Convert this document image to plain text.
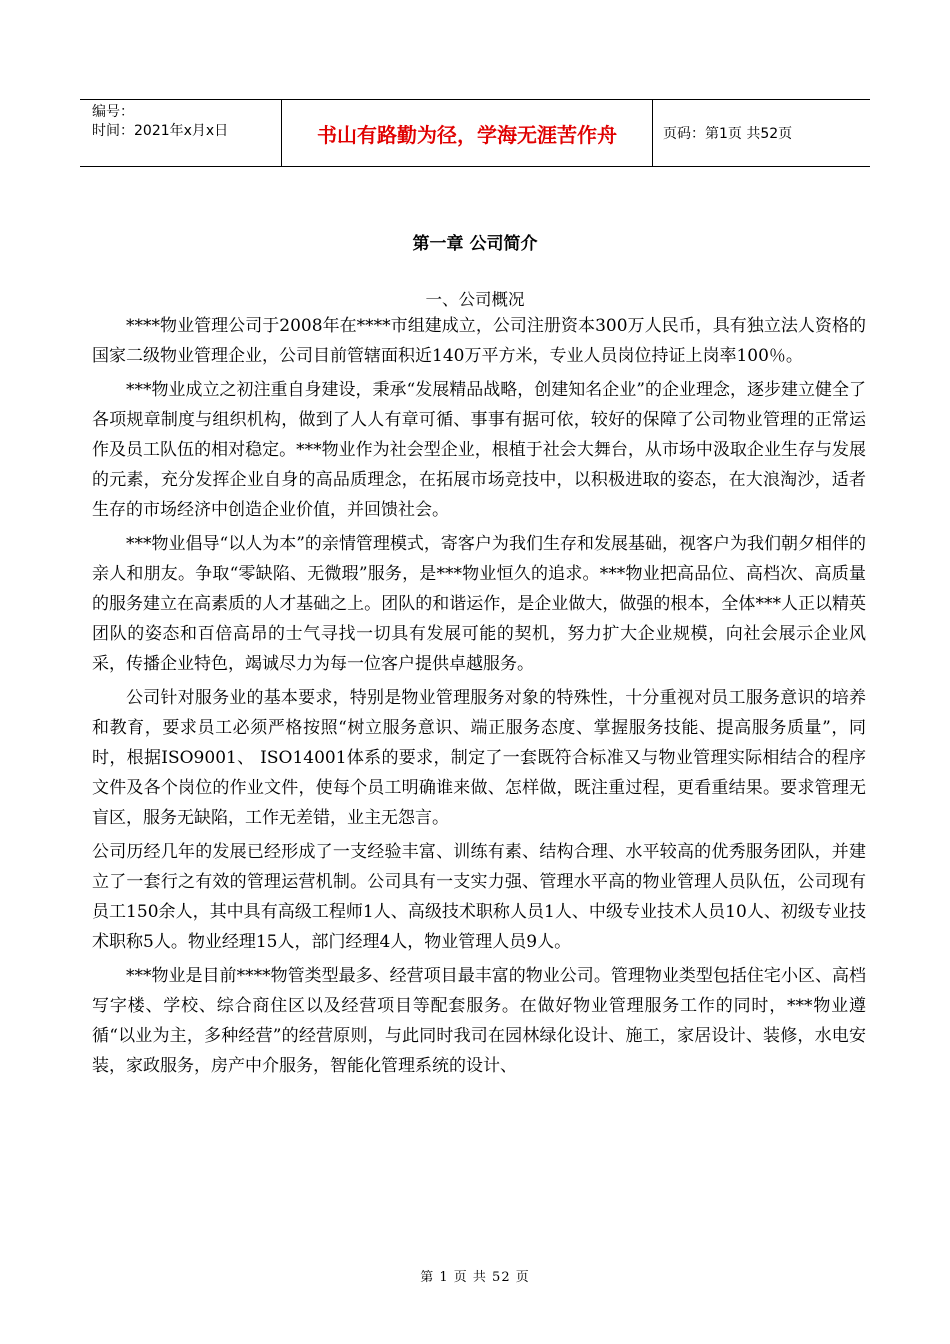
编号：
时间：2021年x月x日	书山有路勤为径，学海无涯苦作舟	页码：第1页 共52页
第一章 公司简介
一、公司概况

****物业管理公司于2008年在****市组建成立，公司注册资本300万人民币，具有独立法人资格的国家二级物业管理企业，公司目前管辖面积近140万平方米，专业人员岗位持证上岗率100％。

***物业成立之初注重自身建设，秉承“发展精品战略，创建知名企业”的企业理念，逐步建立健全了各项规章制度与组织机构，做到了人人有章可循、事事有据可依，较好的保障了公司物业管理的正常运作及员工队伍的相对稳定。***物业作为社会型企业，根植于社会大舞台，从市场中汲取企业生存与发展的元素，充分发挥企业自身的高品质理念，在拓展市场竞技中，以积极进取的姿态，在大浪淘沙，适者生存的市场经济中创造企业价值，并回馈社会。

***物业倡导“以人为本”的亲情管理模式，寄客户为我们生存和发展基础，视客户为我们朝夕相伴的亲人和朋友。争取“零缺陷、无微瑕”服务，是***物业恒久的追求。***物业把高品位、高档次、高质量的服务建立在高素质的人才基础之上。团队的和谐运作，是企业做大，做强的根本，全体***人正以精英团队的姿态和百倍高昂的士气寻找一切具有发展可能的契机，努力扩大企业规模，向社会展示企业风采，传播企业特色，竭诚尽力为每一位客户提供卓越服务。

公司针对服务业的基本要求，特别是物业管理服务对象的特殊性，十分重视对员工服务意识的培养和教育，要求员工必须严格按照“树立服务意识、端正服务态度、掌握服务技能、提高服务质量”，同时，根据ISO9001、 ISO14001体系的要求，制定了一套既符合标准又与物业管理实际相结合的程序文件及各个岗位的作业文件，使每个员工明确谁来做、怎样做，既注重过程，更看重结果。要求管理无盲区，服务无缺陷，工作无差错，业主无怨言。

公司历经几年的发展已经形成了一支经验丰富、训练有素、结构合理、水平较高的优秀服务团队，并建立了一套行之有效的管理运营机制。公司具有一支实力强、管理水平高的物业管理人员队伍，公司现有员工150余人，其中具有高级工程师1人、高级技术职称人员1人、中级专业技术人员10人、初级专业技术职称5人。物业经理15人，部门经理4人，物业管理人员9人。

***物业是目前****物管类型最多、经营项目最丰富的物业公司。管理物业类型包括住宅小区、高档写字楼、学校、综合商住区以及经营项目等配套服务。在做好物业管理服务工作的同时，***物业遵循“以业为主，多种经营”的经营原则，与此同时我司在园林绿化设计、施工，家居设计、装修，水电安装，家政服务，房产中介服务，智能化管理系统的设计、

第 1 页 共 52 页
